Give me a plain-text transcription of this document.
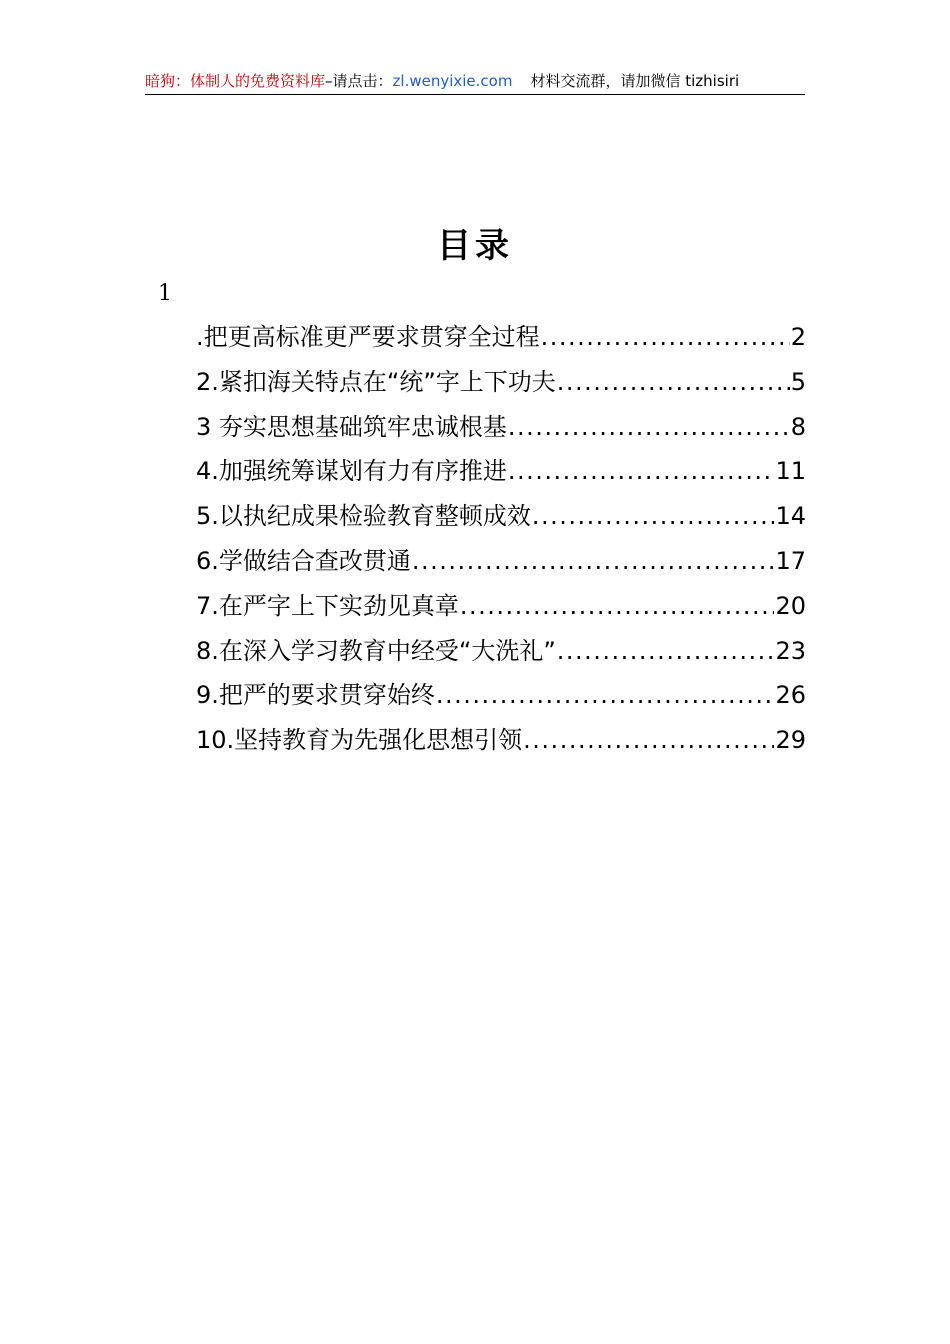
暗狗：体制人的免费资料库–请点击：zl.wenyixie.com 材料交流群，请加微信 tizhisiri
目录
1
.把更高标准更严要求贯穿全过程 .....	2
2.紧扣海关特点在“统”字上下功夫 .....	5
3 夯实思想基础筑牢忠诚根基 .....	8
4.加强统筹谋划有力有序推进 .....	11
5.以执纪成果检验教育整顿成效 .....	14
6.学做结合查改贯通 .....	17
7.在严字上下实劲见真章 .....	20
8.在深入学习教育中经受“大洗礼” .....	23
9.把严的要求贯穿始终 .....	26
10.坚持教育为先强化思想引领 .....	29
